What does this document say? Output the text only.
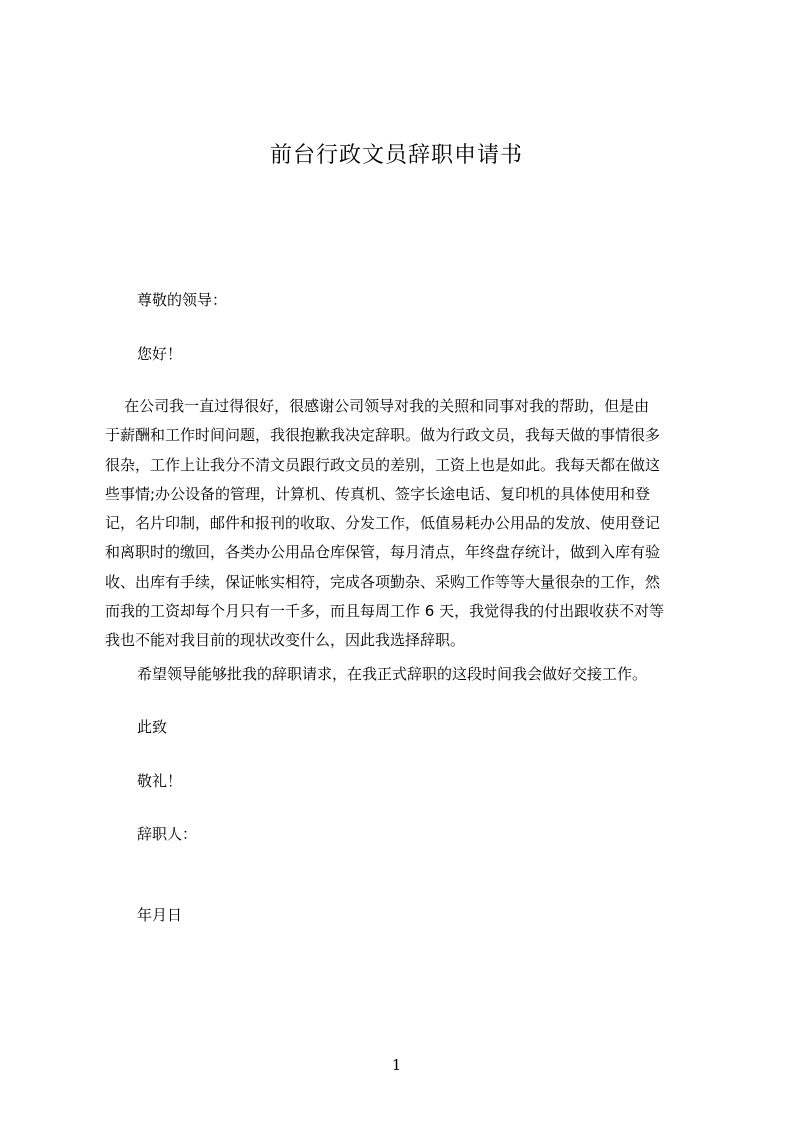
前台行政文员辞职申请书
尊敬的领导：
您好！
在公司我一直过得很好，很感谢公司领导对我的关照和同事对我的帮助，但是由
于薪酬和工作时间问题，我很抱歉我决定辞职。做为行政文员，我每天做的事情很多
很杂，工作上让我分不清文员跟行政文员的差别，工资上也是如此。我每天都在做这
些事情;办公设备的管理，计算机、传真机、签字长途电话、复印机的具体使用和登
记，名片印制，邮件和报刊的收取、分发工作，低值易耗办公用品的发放、使用登记
和离职时的缴回，各类办公用品仓库保管，每月清点，年终盘存统计，做到入库有验
收、出库有手续，保证帐实相符，完成各项勤杂、采购工作等等大量很杂的工作，然
而我的工资却每个月只有一千多，而且每周工作 6 天，我觉得我的付出跟收获不对等
我也不能对我目前的现状改变什么，因此我选择辞职。
希望领导能够批我的辞职请求，在我正式辞职的这段时间我会做好交接工作。
此致
敬礼！
辞职人：
年月日
1
